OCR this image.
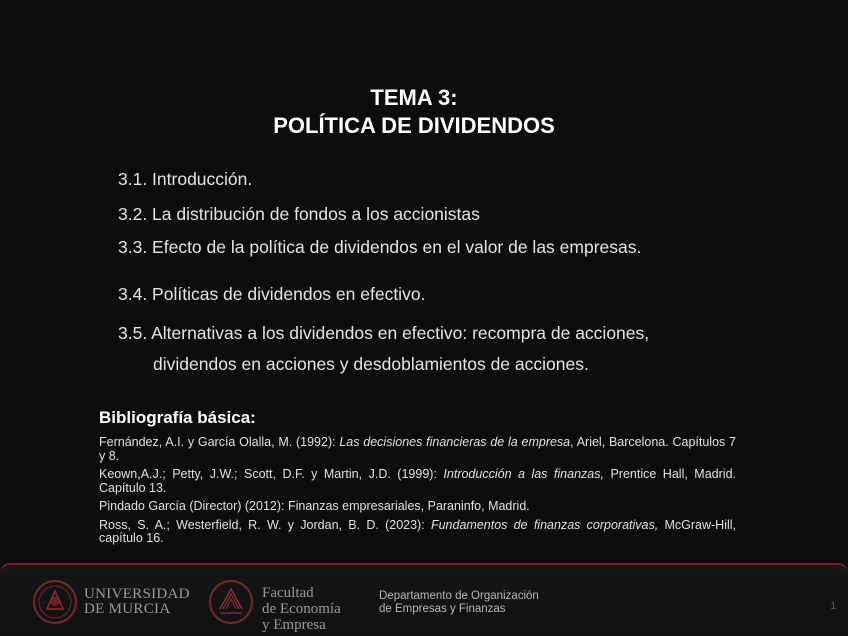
TEMA 3:
POLÍTICA DE DIVIDENDOS
3.1. Introducción.
3.2. La distribución de fondos a los accionistas
3.3. Efecto de la política de dividendos en el valor de las empresas.
3.4. Políticas de dividendos en efectivo.
3.5. Alternativas a los dividendos en efectivo: recompra de acciones,
dividendos en acciones y desdoblamientos de acciones.
Bibliografía básica:
Fernández, A.I. y García Olalla, M. (1992): Las decisiones financieras de la empresa, Ariel, Barcelona. Capítulos 7 y 8.
Keown,A.J.; Petty, J.W.; Scott, D.F. y Martin, J.D. (1999): Introducción a las finanzas, Prentice Hall, Madrid. Capítulo 13.
Pindado García (Director) (2012): Finanzas empresariales, Paraninfo, Madrid.
Ross, S. A.; Westerfield, R. W. y Jordan, B. D. (2023): Fundamentos de finanzas corporativas, McGraw-Hill, capítulo 16.
UNIVERSIDAD
DE MURCIA
Facultad
de Economía
y Empresa
Departamento de Organización
de Empresas y Finanzas	1
